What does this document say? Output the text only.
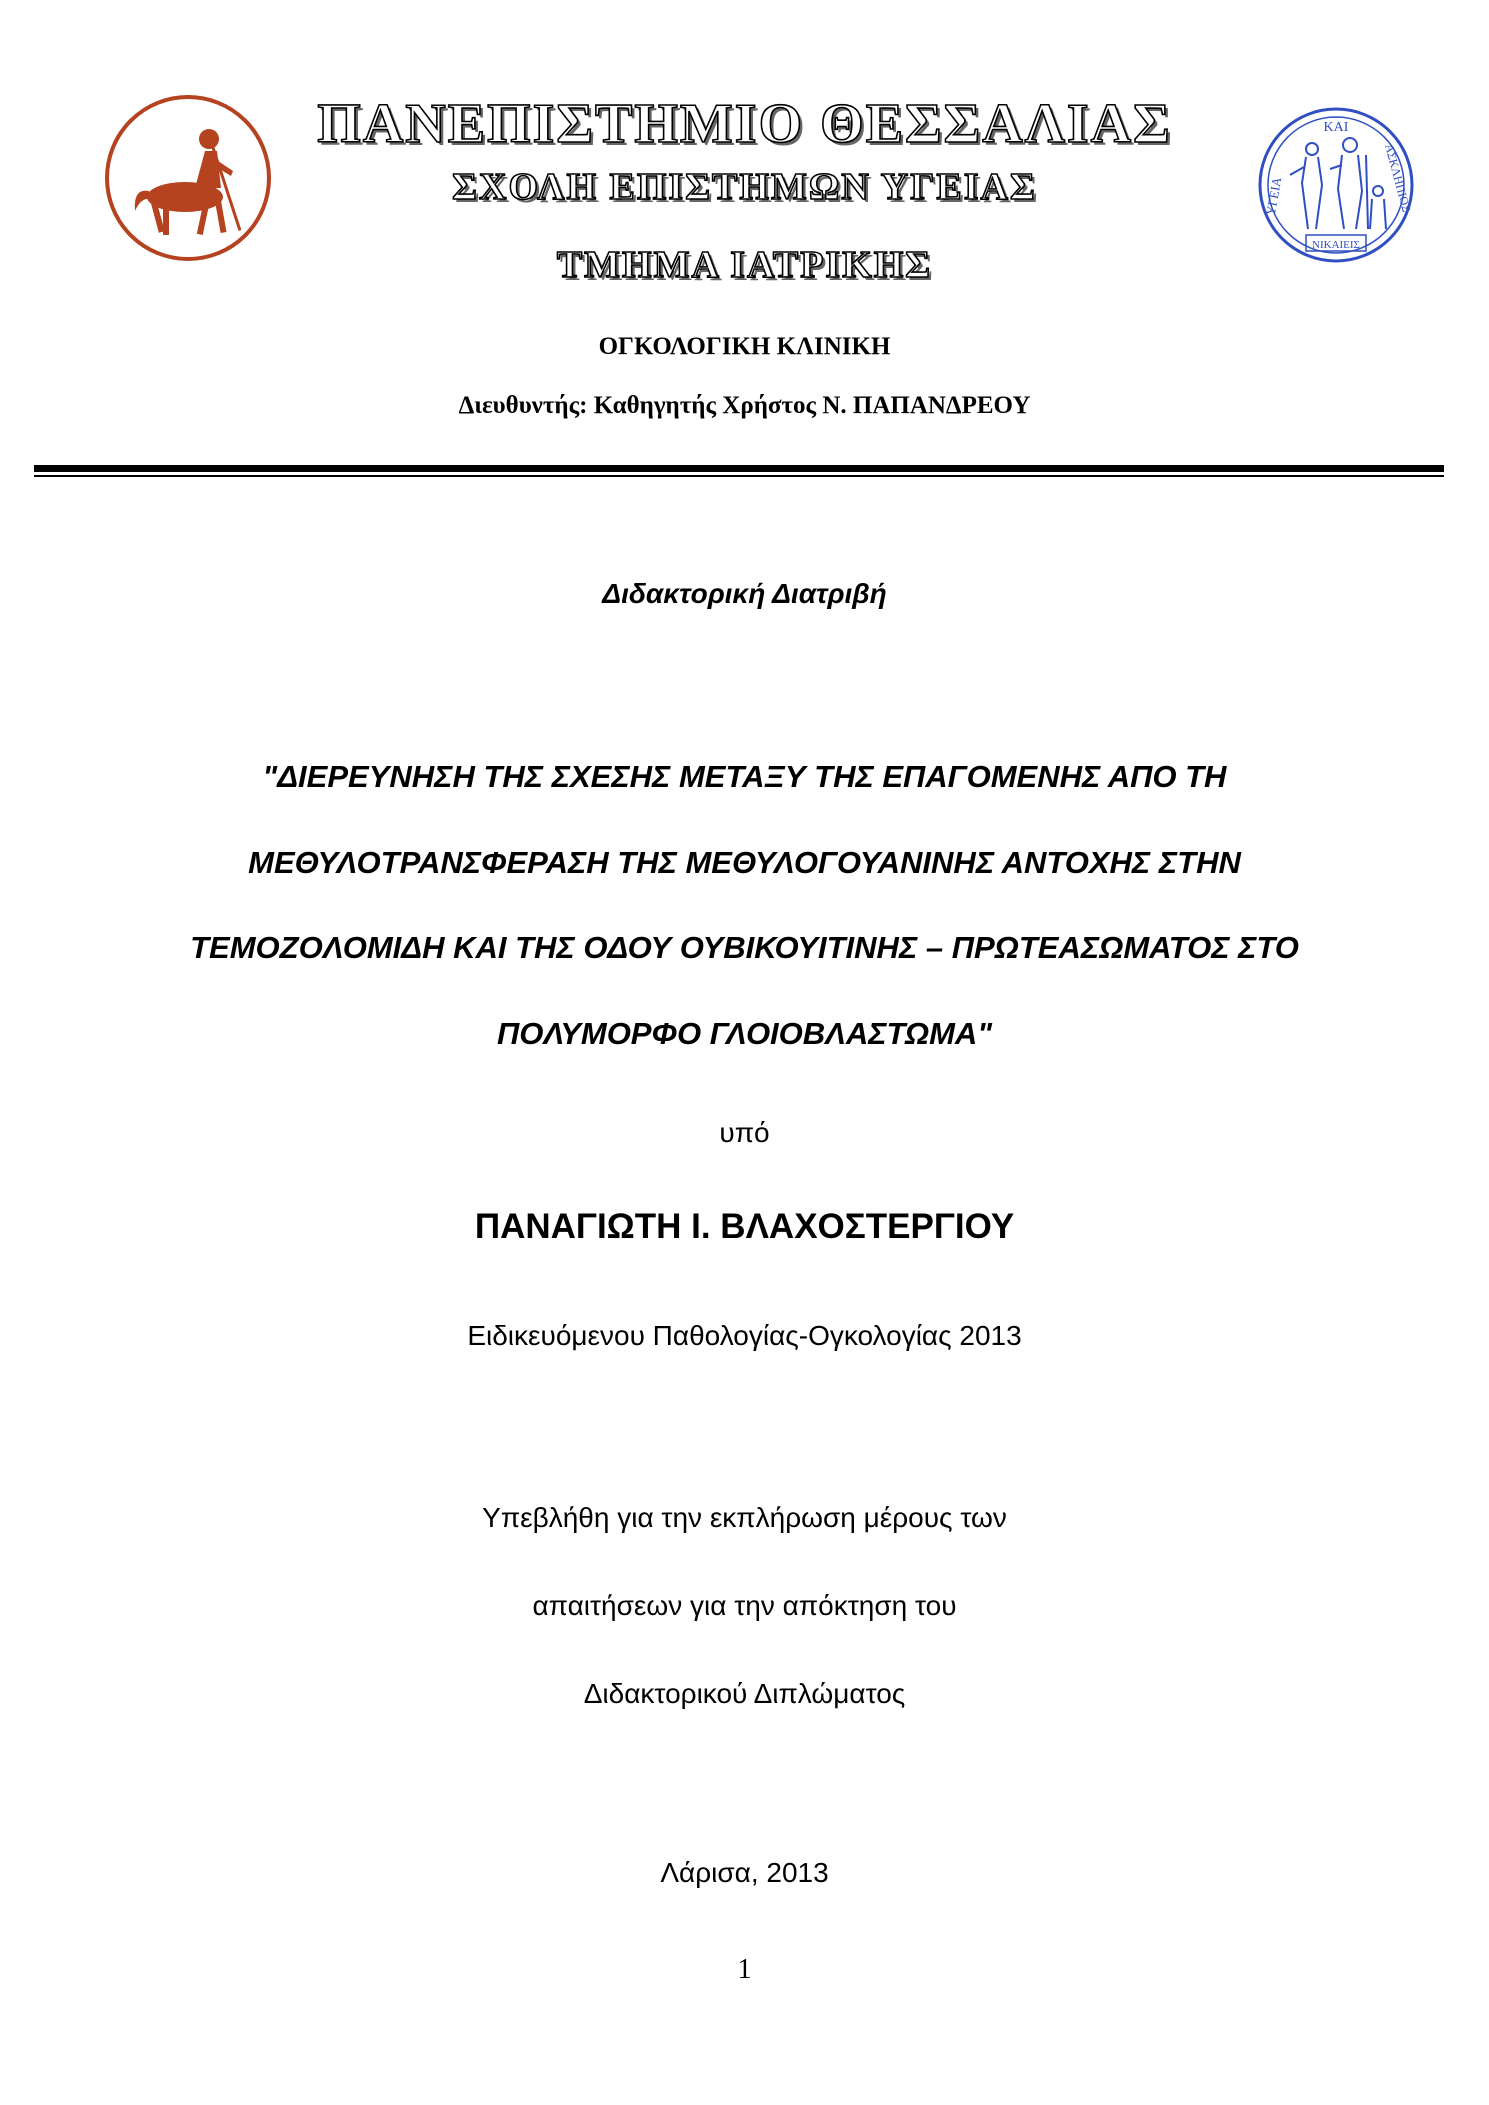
ΚΑΙ
ΥΓΕΙΑ	ΑΣΚΛΗΠΙΟΣ
ΝΙΚΑΙΕΙΣ
ΠΑΝΕΠΙΣΤΗΜΙΟ ΘΕΣΣΑΛΙΑΣ
ΣΧΟΛΗ ΕΠΙΣΤΗΜΩΝ ΥΓΕΙΑΣ
ΤΜΗΜΑ ΙΑΤΡΙΚΗΣ
ΟΓΚΟΛΟΓΙΚΗ ΚΛΙΝΙΚΗ
Διευθυντής: Καθηγητής Χρήστος Ν. ΠΑΠΑΝΔΡΕΟΥ
Διδακτορική Διατριβή
"ΔΙΕΡΕΥΝΗΣΗ ΤΗΣ ΣΧΕΣΗΣ ΜΕΤΑΞΥ ΤΗΣ ΕΠΑΓΟΜΕΝΗΣ ΑΠΟ ΤΗ
ΜΕΘΥΛΟΤΡΑΝΣΦΕΡΑΣΗ ΤΗΣ ΜΕΘΥΛΟΓΟΥΑΝΙΝΗΣ ΑΝΤΟΧΗΣ ΣΤΗΝ
ΤΕΜΟΖΟΛΟΜΙΔΗ ΚΑΙ ΤΗΣ ΟΔΟΥ ΟΥΒΙΚΟΥΙΤΙΝΗΣ – ΠΡΩΤΕΑΣΩΜΑΤΟΣ ΣΤΟ
ΠΟΛΥΜΟΡΦΟ ΓΛΟΙΟΒΛΑΣΤΩΜΑ"
υπό
ΠΑΝΑΓΙΩΤΗ Ι. ΒΛΑΧΟΣΤΕΡΓΙΟΥ
Ειδικευόμενου Παθολογίας-Ογκολογίας 2013
Υπεβλήθη για την εκπλήρωση μέρους των
απαιτήσεων για την απόκτηση του
Διδακτορικού Διπλώματος
Λάρισα, 2013
1
